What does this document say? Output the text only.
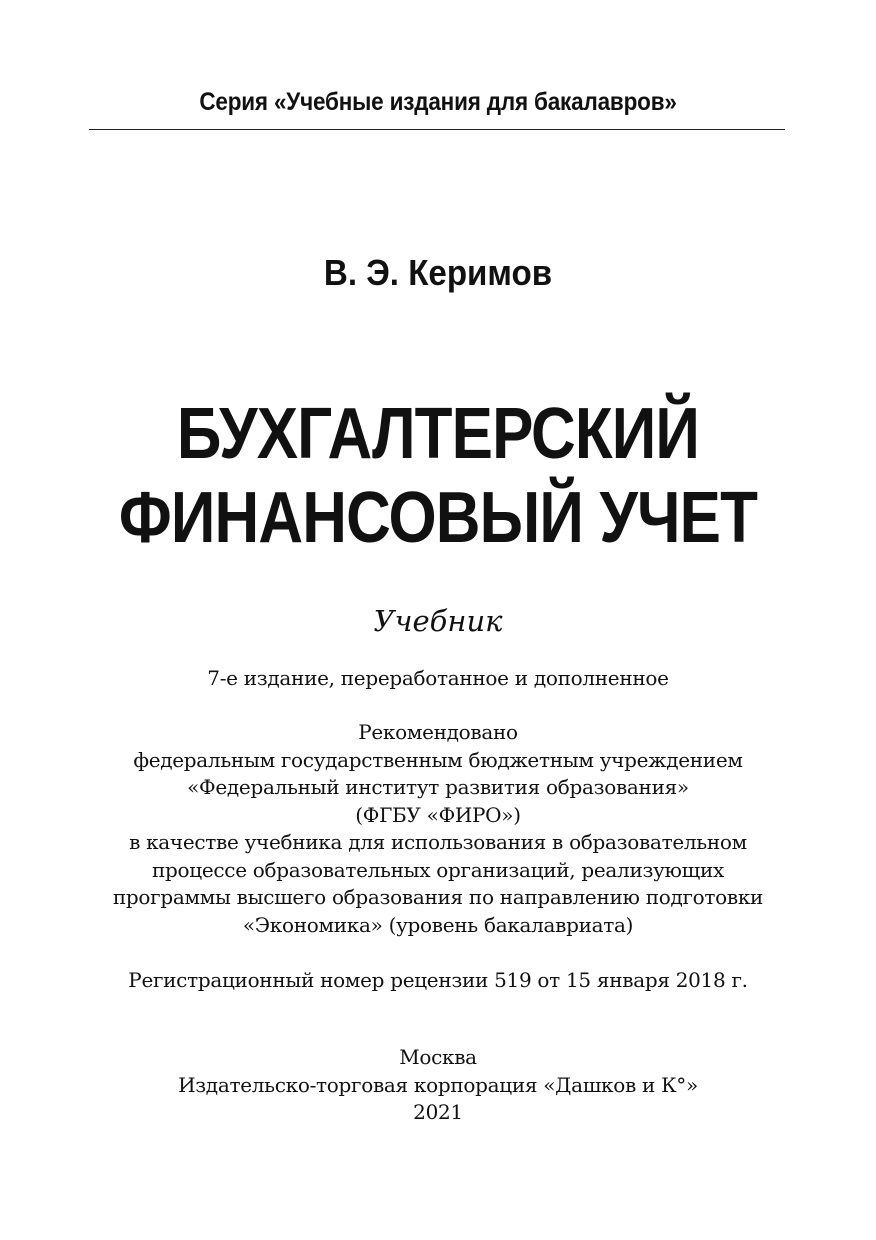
Серия «Учебные издания для бакалавров»
В. Э. Керимов
БУХГАЛТЕРСКИЙ
ФИНАНСОВЫЙ УЧЕТ
Учебник
7-е издание, переработанное и дополненное
Рекомендовано
федеральным государственным бюджетным учреждением
«Федеральный институт развития образования»
(ФГБУ «ФИРО»)
в качестве учебника для использования в образовательном
процессе образовательных организаций, реализующих
программы высшего образования по направлению подготовки
«Экономика» (уровень бакалавриата)
Регистрационный номер рецензии 519 от 15 января 2018 г.
Москва
Издательско-торговая корпорация «Дашков и К°»
2021
